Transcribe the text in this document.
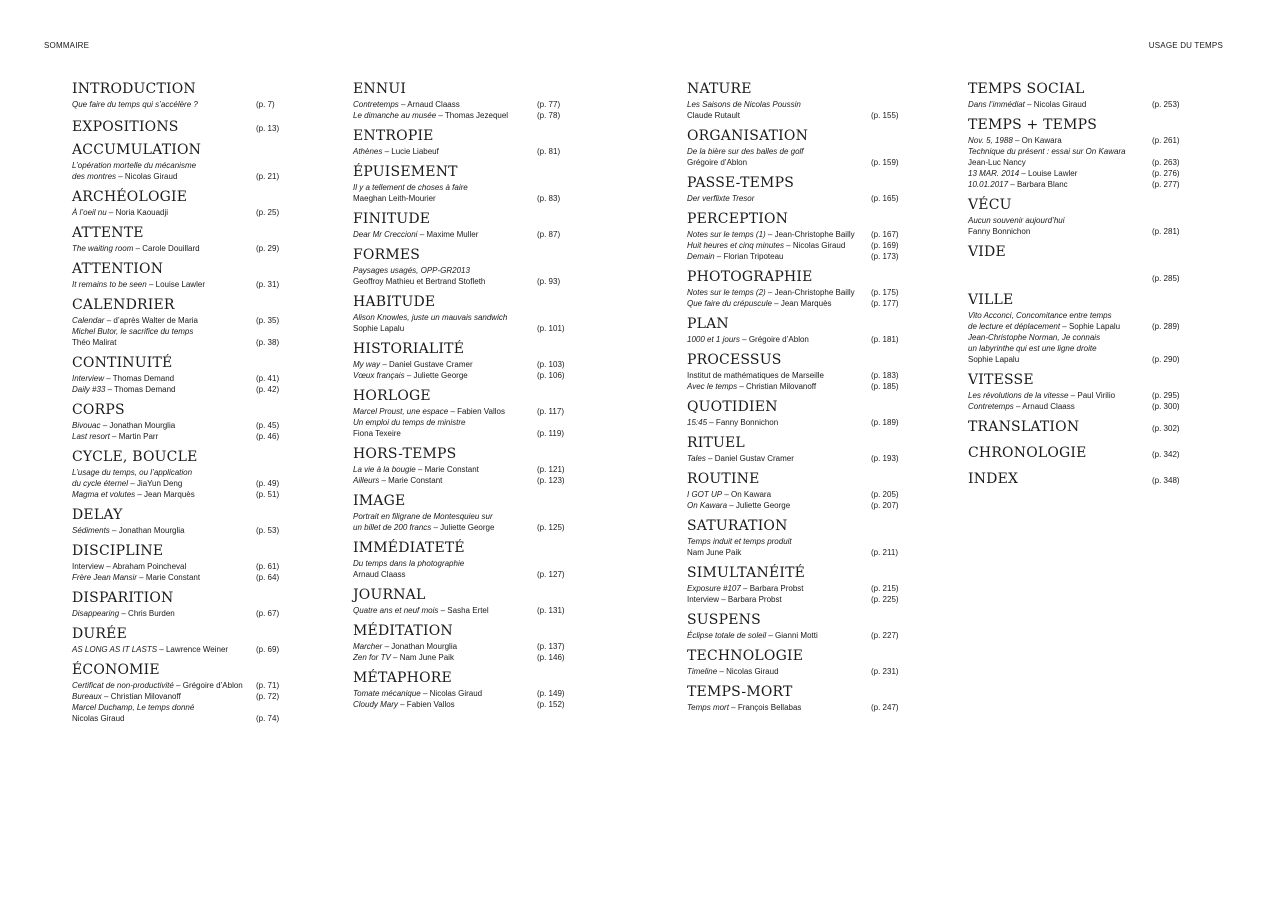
SOMMAIRE	USAGE DU TEMPS
INTRODUCTION
Que faire du temps qui s’accélère ?	(p. 7)
EXPOSITIONS	(p. 13)
ACCUMULATION
L’opération mortelle du mécanisme
des montres – Nicolas Giraud	(p. 21)
ARCHÉOLOGIE
À l’oeil nu – Noria Kaouadji	(p. 25)
ATTENTE
The waiting room – Carole Douillard	(p. 29)
ATTENTION
It remains to be seen – Louise Lawler	(p. 31)
CALENDRIER
Calendar – d’après Walter de Maria	(p. 35)
Michel Butor, le sacrifice du temps
Théo Malirat	(p. 38)
CONTINUITÉ
Interview – Thomas Demand	(p. 41)
Daily #33 – Thomas Demand	(p. 42)
CORPS
Bivouac – Jonathan Mourglia	(p. 45)
Last resort – Martin Parr	(p. 46)
CYCLE, BOUCLE
L’usage du temps, ou l’application
du cycle éternel – JiaYun Deng	(p. 49)
Magma et volutes – Jean Marquès	(p. 51)
DELAY
Sédiments – Jonathan Mourglia	(p. 53)
DISCIPLINE
Interview – Abraham Poincheval	(p. 61)
Frère Jean Mansir – Marie Constant	(p. 64)
DISPARITION
Disappearing – Chris Burden	(p. 67)
DURÉE
AS LONG AS IT LASTS – Lawrence Weiner	(p. 69)
ÉCONOMIE
Certificat de non-productivité – Grégoire d’Ablon	(p. 71)
Bureaux – Christian Milovanoff	(p. 72)
Marcel Duchamp, Le temps donné
Nicolas Giraud	(p. 74)
ENNUI
Contretemps – Arnaud Claass	(p. 77)
Le dimanche au musée – Thomas Jezequel	(p. 78)
ENTROPIE
Athènes – Lucie Liabeuf	(p. 81)
ÉPUISEMENT
Il y a tellement de choses à faire
Maeghan Leith-Mourier	(p. 83)
FINITUDE
Dear Mr Creccioni – Maxime Muller	(p. 87)
FORMES
Paysages usagés, OPP-GR2013
Geoffroy Mathieu et Bertrand Stofleth	(p. 93)
HABITUDE
Alison Knowles, juste un mauvais sandwich
Sophie Lapalu	(p. 101)
HISTORIALITÉ
My way – Daniel Gustave Cramer	(p. 103)
Vœux français – Juliette George	(p. 106)
HORLOGE
Marcel Proust, une espace – Fabien Vallos	(p. 117)
Un emploi du temps de ministre
Fiona Texeire	(p. 119)
HORS-TEMPS
La vie à la bougie – Marie Constant	(p. 121)
Ailleurs – Marie Constant	(p. 123)
IMAGE
Portrait en filigrane de Montesquieu sur
un billet de 200 francs – Juliette George	(p. 125)
IMMÉDIATETÉ
Du temps dans la photographie
Arnaud Claass	(p. 127)
JOURNAL
Quatre ans et neuf mois – Sasha Ertel	(p. 131)
MÉDITATION
Marcher – Jonathan Mourglia	(p. 137)
Zen for TV – Nam June Paik	(p. 146)
MÉTAPHORE
Tomate mécanique – Nicolas Giraud	(p. 149)
Cloudy Mary – Fabien Vallos	(p. 152)
NATURE
Les Saisons de Nicolas Poussin
Claude Rutault	(p. 155)
ORGANISATION
De la bière sur des balles de golf
Grégoire d’Ablon	(p. 159)
PASSE-TEMPS
Der verflixte Tresor	(p. 165)
PERCEPTION
Notes sur le temps (1) – Jean-Christophe Bailly	(p. 167)
Huit heures et cinq minutes – Nicolas Giraud	(p. 169)
Demain – Florian Tripoteau	(p. 173)
PHOTOGRAPHIE
Notes sur le temps (2) – Jean-Christophe Bailly	(p. 175)
Que faire du crépuscule – Jean Marquès	(p. 177)
PLAN
1000 et 1 jours – Grégoire d’Ablon	(p. 181)
PROCESSUS
Institut de mathématiques de Marseille	(p. 183)
Avec le temps – Christian Milovanoff	(p. 185)
QUOTIDIEN
15:45 – Fanny Bonnichon	(p. 189)
RITUEL
Tales – Daniel Gustav Cramer	(p. 193)
ROUTINE
I GOT UP – On Kawara	(p. 205)
On Kawara – Juliette George	(p. 207)
SATURATION
Temps induit et temps produit
Nam June Paik	(p. 211)
SIMULTANÉITÉ
Exposure #107 – Barbara Probst	(p. 215)
Interview – Barbara Probst	(p. 225)
SUSPENS
Éclipse totale de soleil – Gianni Motti	(p. 227)
TECHNOLOGIE
Timeline – Nicolas Giraud	(p. 231)
TEMPS-MORT
Temps mort – François Bellabas	(p. 247)
TEMPS SOCIAL
Dans l’immédiat – Nicolas Giraud	(p. 253)
TEMPS + TEMPS
Nov. 5, 1988 – On Kawara	(p. 261)
Technique du présent : essai sur On Kawara
Jean-Luc Nancy	(p. 263)
13 MAR. 2014 – Louise Lawler	(p. 276)
10.01.2017 – Barbara Blanc	(p. 277)
VÉCU
Aucun souvenir aujourd’hui
Fanny Bonnichon	(p. 281)
VIDE

(p. 285)
VILLE
Vito Acconci, Concomitance entre temps
de lecture et déplacement – Sophie Lapalu	(p. 289)
Jean-Christophe Norman, Je connais
un labyrinthe qui est une ligne droite
Sophie Lapalu	(p. 290)
VITESSE
Les révolutions de la vitesse – Paul Virilio	(p. 295)
Contretemps – Arnaud Claass	(p. 300)
TRANSLATION	(p. 302)
CHRONOLOGIE	(p. 342)
INDEX	(p. 348)
